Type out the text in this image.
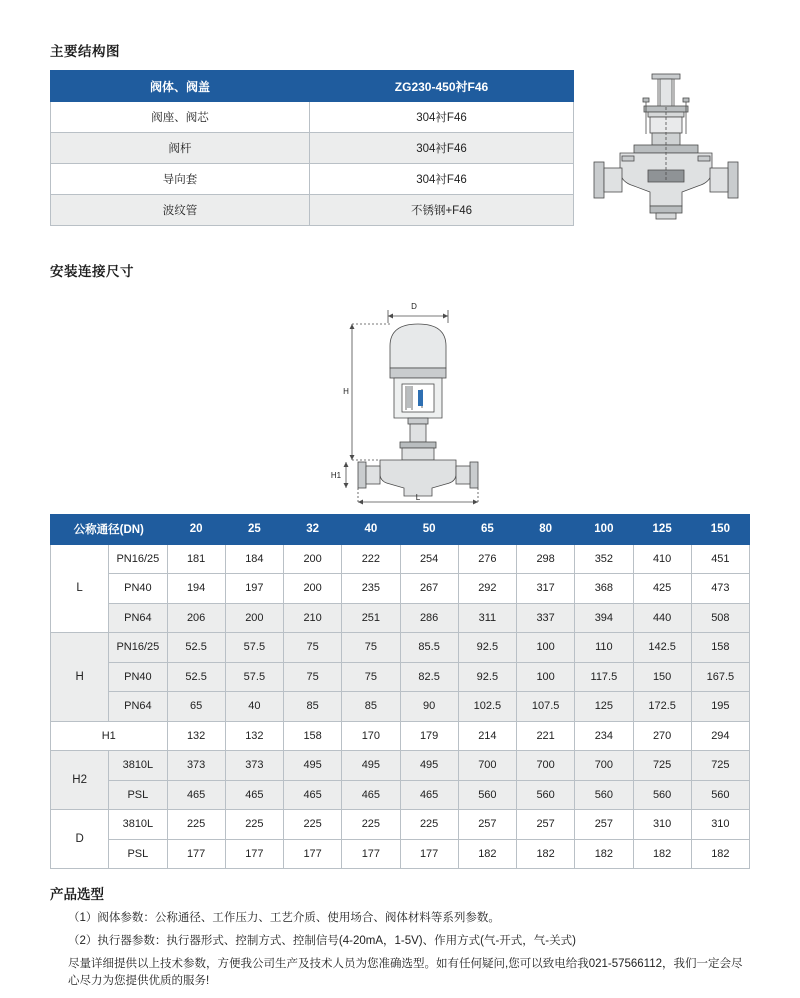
主要结构图
阀体、阀盖	ZG230-450衬F46
阀座、阀芯	304衬F46
阀杆	304衬F46
导向套	304衬F46
波纹管	不锈钢+F46
安装连接尺寸
D
H
H1
L
公称通径(DN)		20	25	32	40	50	65	80	100	125	150
L	PN16/25	181	184	200	222	254	276	298	352	410	451
	PN40	194	197	200	235	267	292	317	368	425	473
	PN64	206	200	210	251	286	311	337	394	440	508
H	PN16/25	52.5	57.5	75	75	85.5	92.5	100	110	142.5	158
	PN40	52.5	57.5	75	75	82.5	92.5	100	117.5	150	167.5
	PN64	65	40	85	85	90	102.5	107.5	125	172.5	195
H1		132	132	158	170	179	214	221	234	270	294
H2	3810L	373	373	495	495	495	700	700	700	725	725
	PSL	465	465	465	465	465	560	560	560	560	560
D	3810L	225	225	225	225	225	257	257	257	310	310
	PSL	177	177	177	177	177	182	182	182	182	182
产品选型

（1）阀体参数：公称通径、工作压力、工艺介质、使用场合、阀体材料等系列参数。

（2）执行器参数：执行器形式、控制方式、控制信号(4-20mA，1-5V)、作用方式(气-开式，气-关式)

尽量详细提供以上技术参数，方便我公司生产及技术人员为您准确选型。如有任何疑问,您可以致电给我021-57566112，我们一定会尽心尽力为您提供优质的服务!
